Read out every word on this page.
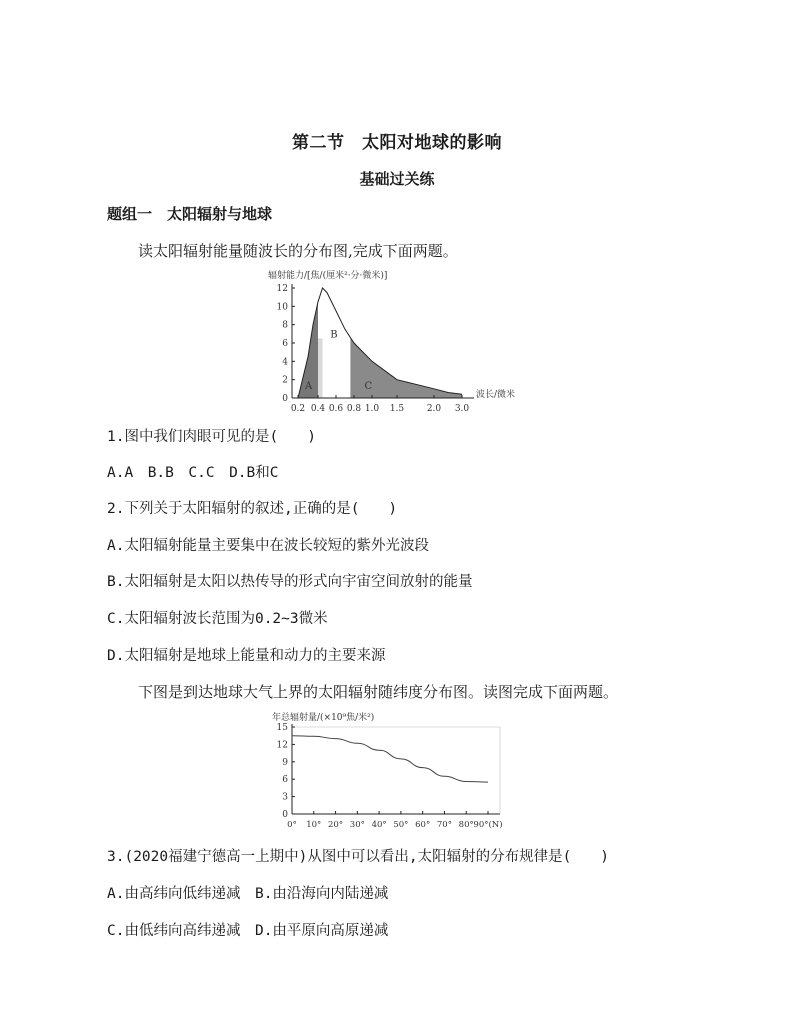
第二节　太阳对地球的影响
基础过关练
题组一　太阳辐射与地球
读太阳辐射能量随波长的分布图,完成下面两题。
辐射能力/[焦/(厘米²·分·微米)]
A
B
C
0
2
4
6
8
10
12
0.2 0.4 0.6 0.8 1.0 1.5	2.0 3.0
波长/微米
1.图中我们肉眼可见的是(　　)
A.A　B.B　C.C　D.B和C
2.下列关于太阳辐射的叙述,正确的是(　　)
A.太阳辐射能量主要集中在波长较短的紫外光波段
B.太阳辐射是太阳以热传导的形式向宇宙空间放射的能量
C.太阳辐射波长范围为0.2~3微米
D.太阳辐射是地球上能量和动力的主要来源
下图是到达地球大气上界的太阳辐射随纬度分布图。读图完成下面两题。
年总辐射量/(×10⁹焦/米²)
0
3
6
9
12
15
0° 10° 20° 30° 40° 50° 60° 70° 80° 90°(N)
3.(2020福建宁德高一上期中)从图中可以看出,太阳辐射的分布规律是(　　)
A.由高纬向低纬递减　B.由沿海向内陆递减
C.由低纬向高纬递减　D.由平原向高原递减
